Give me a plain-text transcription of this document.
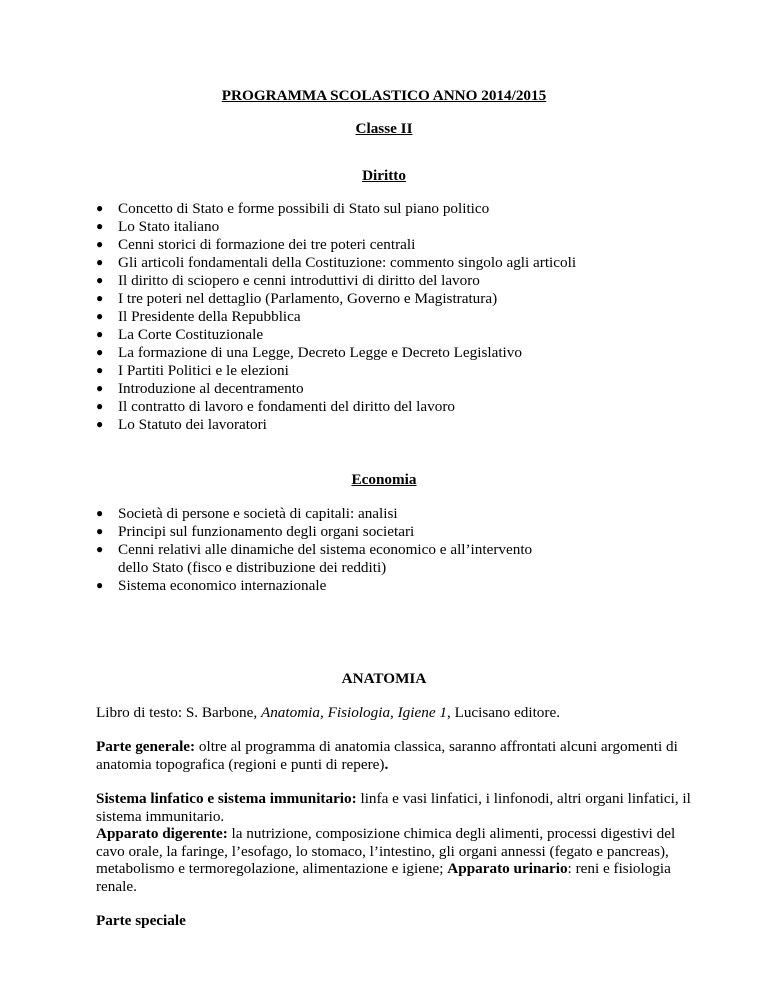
PROGRAMMA SCOLASTICO ANNO 2014/2015
Classe II
Diritto
● Concetto di Stato e forme possibili di Stato sul piano politico
● Lo Stato italiano
● Cenni storici di formazione dei tre poteri centrali
● Gli articoli fondamentali della Costituzione: commento singolo agli articoli
● Il diritto di sciopero e cenni introduttivi di diritto del lavoro
● I tre poteri nel dettaglio (Parlamento, Governo e Magistratura)
● Il Presidente della Repubblica
● La Corte Costituzionale
● La formazione di una Legge, Decreto Legge e Decreto Legislativo
● I Partiti Politici e le elezioni
● Introduzione al decentramento
● Il contratto di lavoro e fondamenti del diritto del lavoro
● Lo Statuto dei lavoratori
Economia
● Società di persone e società di capitali: analisi
● Principi sul funzionamento degli organi societari
● Cenni relativi alle dinamiche del sistema economico e all’intervento
dello Stato (fisco e distribuzione dei redditi)
● Sistema economico internazionale
ANATOMIA
Libro di testo: S. Barbone, Anatomia, Fisiologia, Igiene 1, Lucisano editore.
Parte generale: oltre al programma di anatomia classica, saranno affrontati alcuni argomenti di
anatomia topografica (regioni e punti di repere).
Sistema linfatico e sistema immunitario: linfa e vasi linfatici, i linfonodi, altri organi linfatici, il
sistema immunitario.
Apparato digerente: la nutrizione, composizione chimica degli alimenti, processi digestivi del
cavo orale, la faringe, l’esofago, lo stomaco, l’intestino, gli organi annessi (fegato e pancreas),
metabolismo e termoregolazione, alimentazione e igiene; Apparato urinario: reni e fisiologia
renale.
Parte speciale
